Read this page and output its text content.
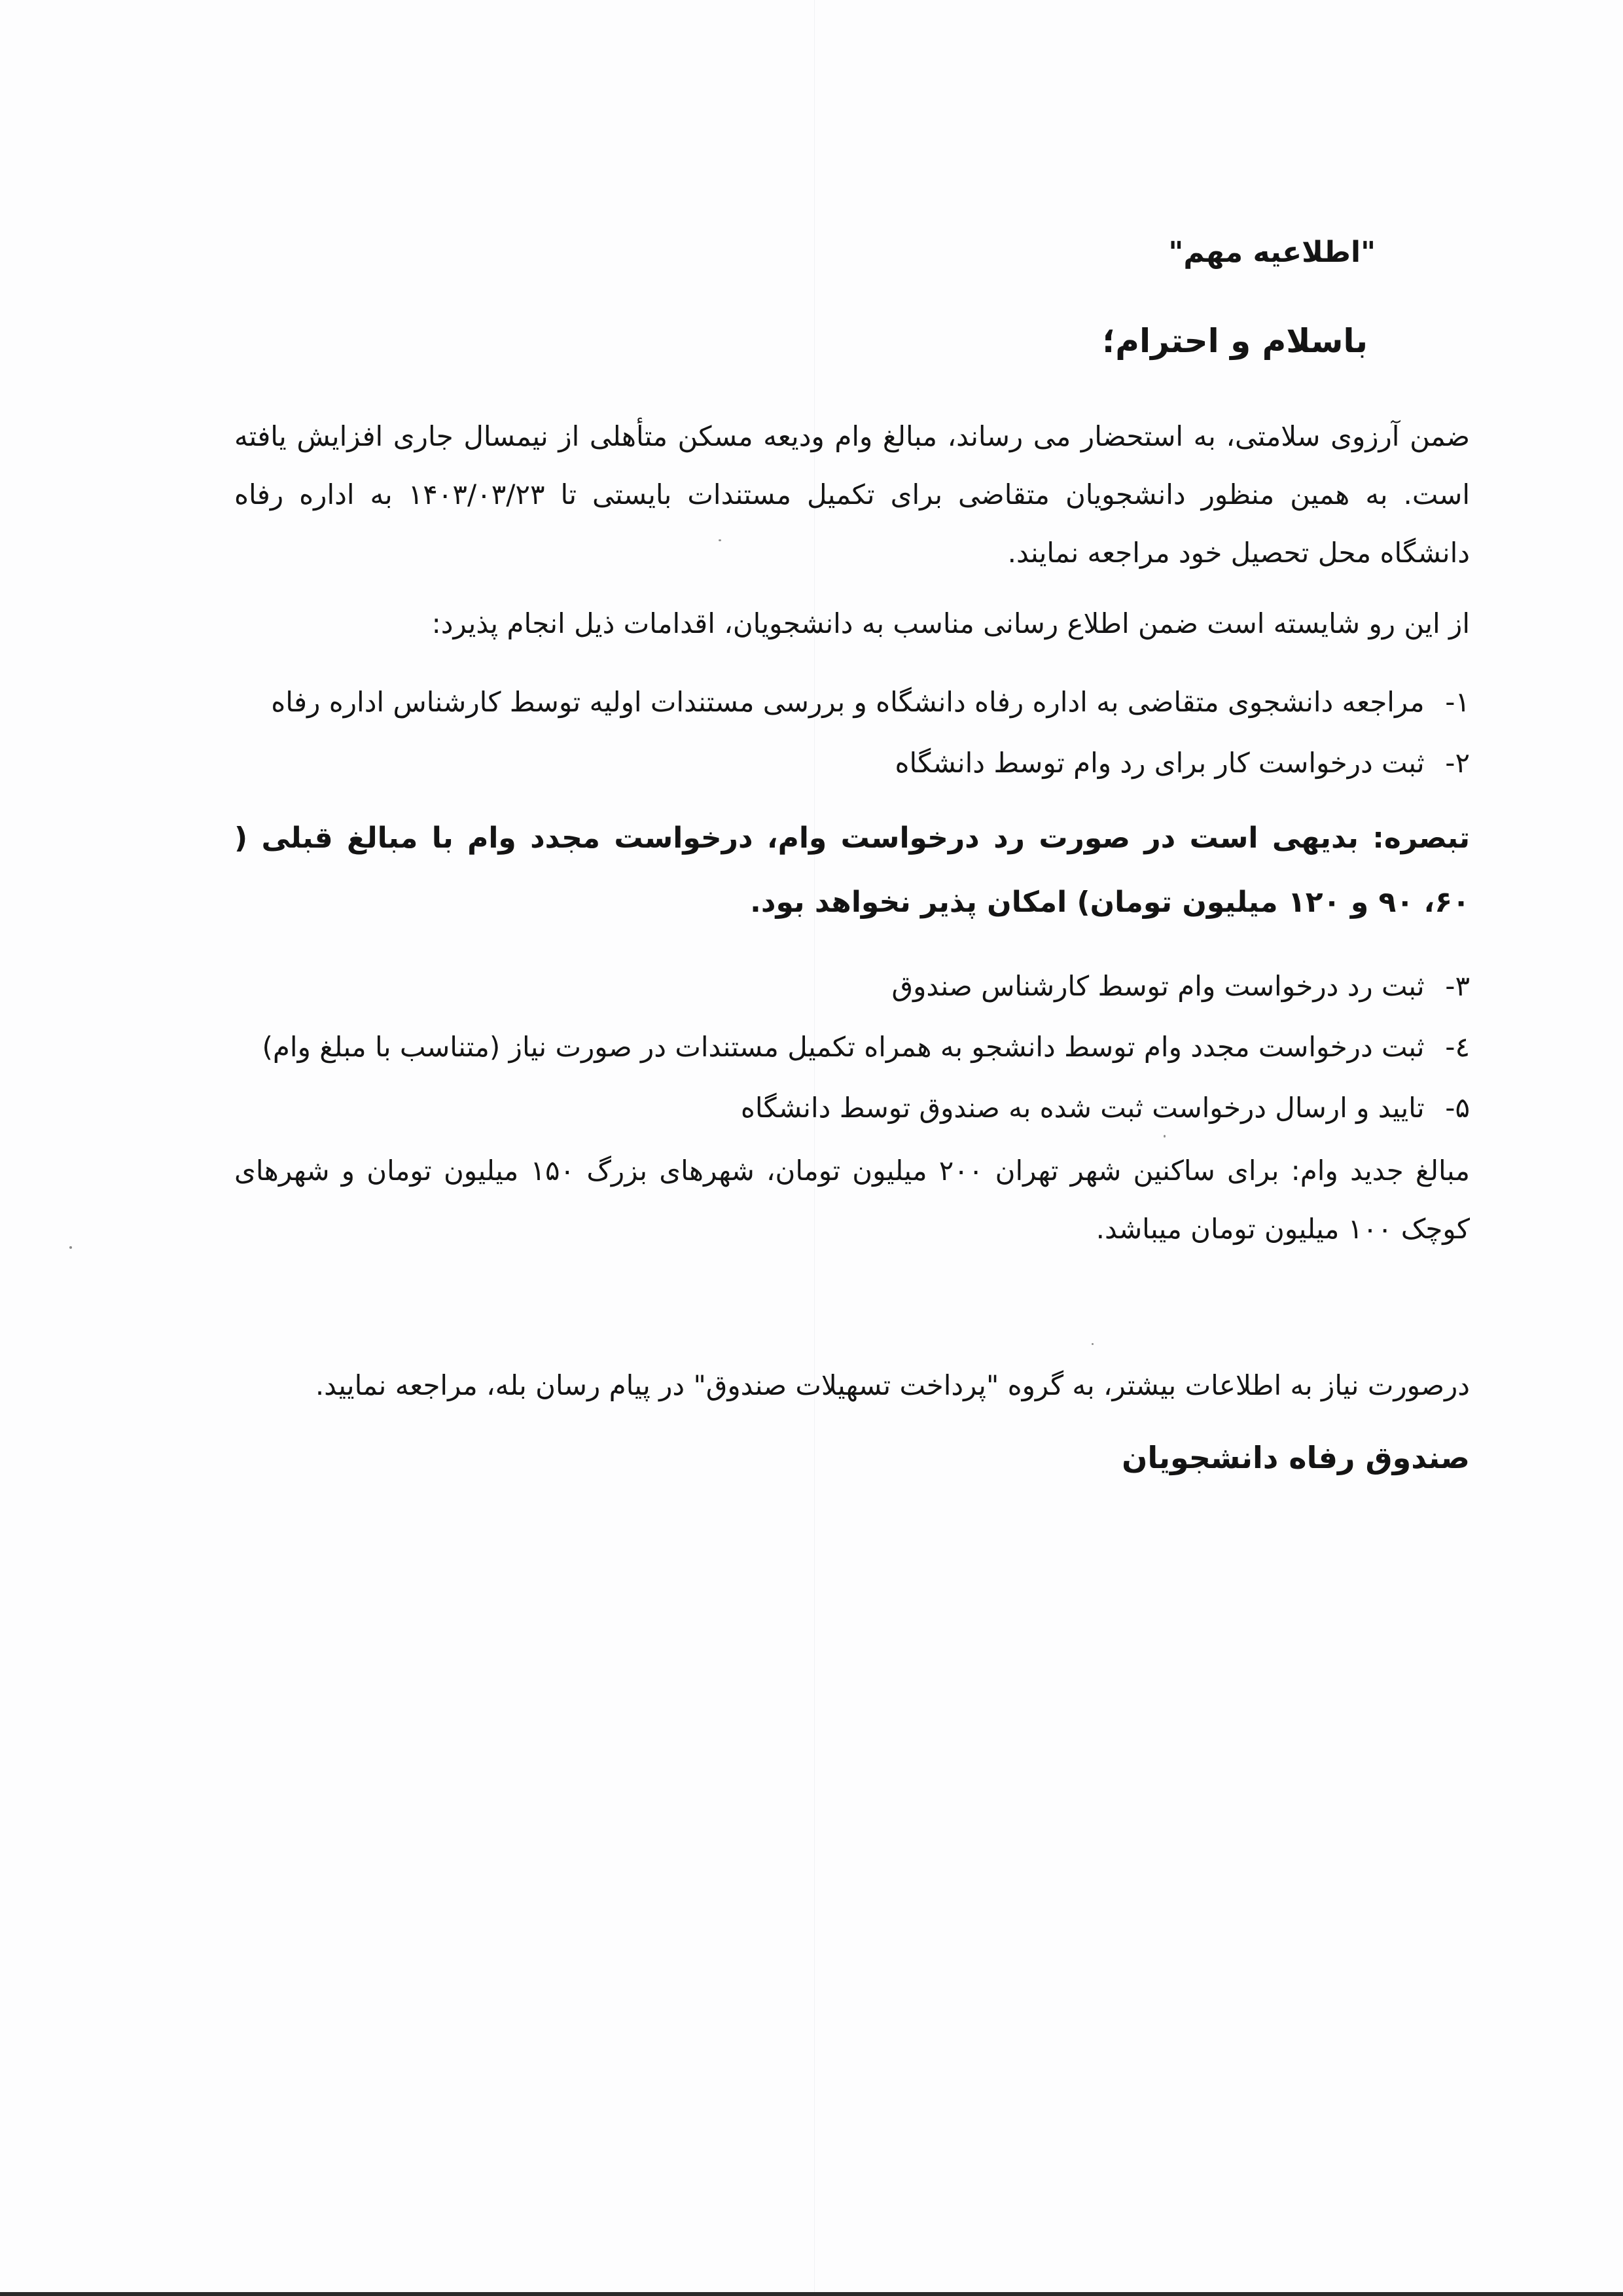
"اطلاعیه مهم"
باسلام و احترام؛
ضمن آرزوی سلامتی، به استحضار می رساند، مبالغ وام ودیعه مسکن متأهلی از نیمسال جاری افزایش یافته است. به همین منظور دانشجویان متقاضی برای تکمیل مستندات بایستی تا ۱۴۰۳/۰۳/۲۳ به اداره رفاه دانشگاه محل تحصیل خود مراجعه نمایند.
از این رو شایسته است ضمن اطلاع رسانی مناسب به دانشجویان، اقدامات ذیل انجام پذیرد:
۱- مراجعه دانشجوی متقاضی به اداره رفاه دانشگاه و بررسی مستندات اولیه توسط کارشناس اداره رفاه
۲- ثبت درخواست کار برای رد وام توسط دانشگاه
تبصره: بدیهی است در صورت رد درخواست وام، درخواست مجدد وام با مبالغ قبلی ( ۶۰، ۹۰ و ۱۲۰ میلیون تومان) امکان پذیر نخواهد بود.
۳- ثبت رد درخواست وام توسط کارشناس صندوق
٤- ثبت درخواست مجدد وام توسط دانشجو به همراه تکمیل مستندات در صورت نیاز (متناسب با مبلغ وام)
۵- تایید و ارسال درخواست ثبت شده به صندوق توسط دانشگاه
مبالغ جدید وام: برای ساکنین شهر تهران ۲۰۰ میلیون تومان، شهرهای بزرگ ۱۵۰ میلیون تومان و شهرهای کوچک ۱۰۰ میلیون تومان میباشد.
درصورت نیاز به اطلاعات بیشتر، به گروه "پرداخت تسهیلات صندوق" در پیام رسان بله، مراجعه نمایید.
صندوق رفاه دانشجویان
